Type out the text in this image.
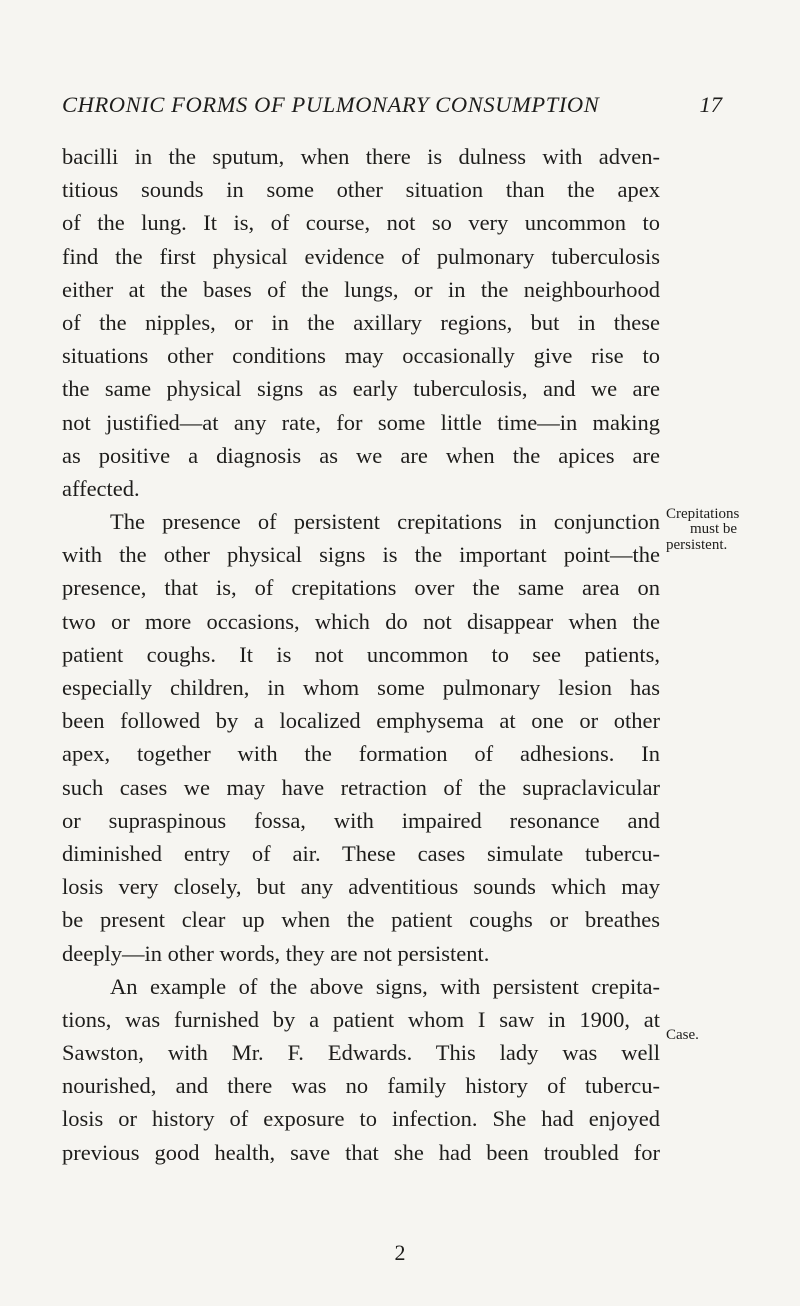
CHRONIC FORMS OF PULMONARY CONSUMPTION	17
bacilli in the sputum, when there is dulness with adven-
titious sounds in some other situation than the apex
of the lung. It is, of course, not so very uncommon to
find the first physical evidence of pulmonary tuberculosis
either at the bases of the lungs, or in the neighbourhood
of the nipples, or in the axillary regions, but in these
situations other conditions may occasionally give rise to
the same physical signs as early tuberculosis, and we are
not justified—at any rate, for some little time—in making
as positive a diagnosis as we are when the apices are
affected.
The presence of persistent crepitations in conjunction
with the other physical signs is the important point—the
presence, that is, of crepitations over the same area on
two or more occasions, which do not disappear when the
patient coughs. It is not uncommon to see patients,
especially children, in whom some pulmonary lesion has
been followed by a localized emphysema at one or other
apex, together with the formation of adhesions. In
such cases we may have retraction of the supraclavicular
or supraspinous fossa, with impaired resonance and
diminished entry of air. These cases simulate tubercu-
losis very closely, but any adventitious sounds which may
be present clear up when the patient coughs or breathes
deeply—in other words, they are not persistent.
An example of the above signs, with persistent crepita-
tions, was furnished by a patient whom I saw in 1900, at
Sawston, with Mr. F. Edwards. This lady was well
nourished, and there was no family history of tubercu-
losis or history of exposure to infection. She had enjoyed
previous good health, save that she had been troubled for
Crepitations
must be
persistent.
Case.
2
